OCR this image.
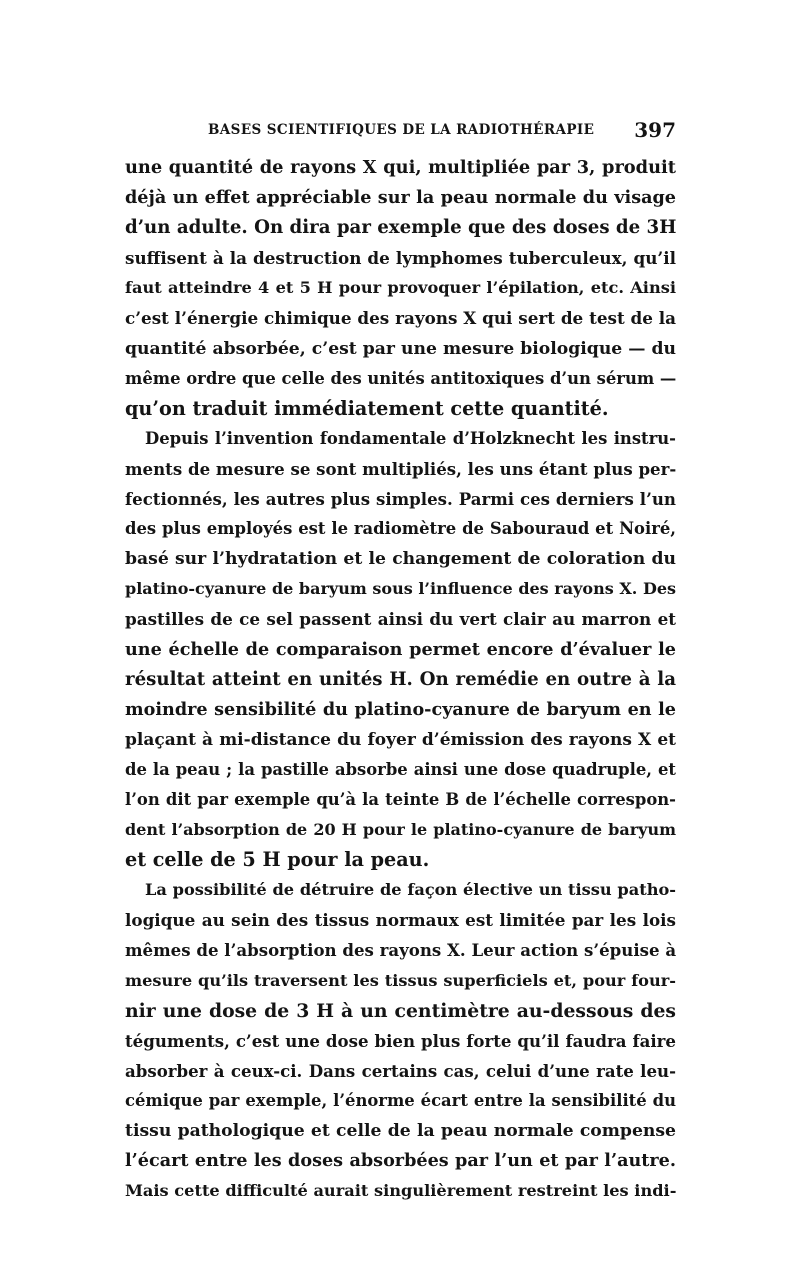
BASES SCIENTIFIQUES DE LA RADIOTHÉRAPIE 397
une quantité de rayons X qui, multipliée par 3, produit
déjà un effet appréciable sur la peau normale du visage
d’un adulte. On dira par exemple que des doses de 3H
suffisent à la destruction de lymphomes tuberculeux, qu’il
faut atteindre 4 et 5 H pour provoquer l’épilation, etc. Ainsi
c’est l’énergie chimique des rayons X qui sert de test de la
quantité absorbée, c’est par une mesure biologique — du
même ordre que celle des unités antitoxiques d’un sérum —
qu’on traduit immédiatement cette quantité.
Depuis l’invention fondamentale d’Holzknecht les instru-
ments de mesure se sont multipliés, les uns étant plus per-
fectionnés, les autres plus simples. Parmi ces derniers l’un
des plus employés est le radiomètre de Sabouraud et Noiré,
basé sur l’hydratation et le changement de coloration du
platino-cyanure de baryum sous l’influence des rayons X. Des
pastilles de ce sel passent ainsi du vert clair au marron et
une échelle de comparaison permet encore d’évaluer le
résultat atteint en unités H. On remédie en outre à la
moindre sensibilité du platino-cyanure de baryum en le
plaçant à mi-distance du foyer d’émission des rayons X et
de la peau ; la pastille absorbe ainsi une dose quadruple, et
l’on dit par exemple qu’à la teinte B de l’échelle correspon-
dent l’absorption de 20 H pour le platino-cyanure de baryum
et celle de 5 H pour la peau.
La possibilité de détruire de façon élective un tissu patho-
logique au sein des tissus normaux est limitée par les lois
mêmes de l’absorption des rayons X. Leur action s’épuise à
mesure qu’ils traversent les tissus superficiels et, pour four-
nir une dose de 3 H à un centimètre au-dessous des
téguments, c’est une dose bien plus forte qu’il faudra faire
absorber à ceux-ci. Dans certains cas, celui d’une rate leu-
cémique par exemple, l’énorme écart entre la sensibilité du
tissu pathologique et celle de la peau normale compense
l’écart entre les doses absorbées par l’un et par l’autre.
Mais cette difficulté aurait singulièrement restreint les indi-
